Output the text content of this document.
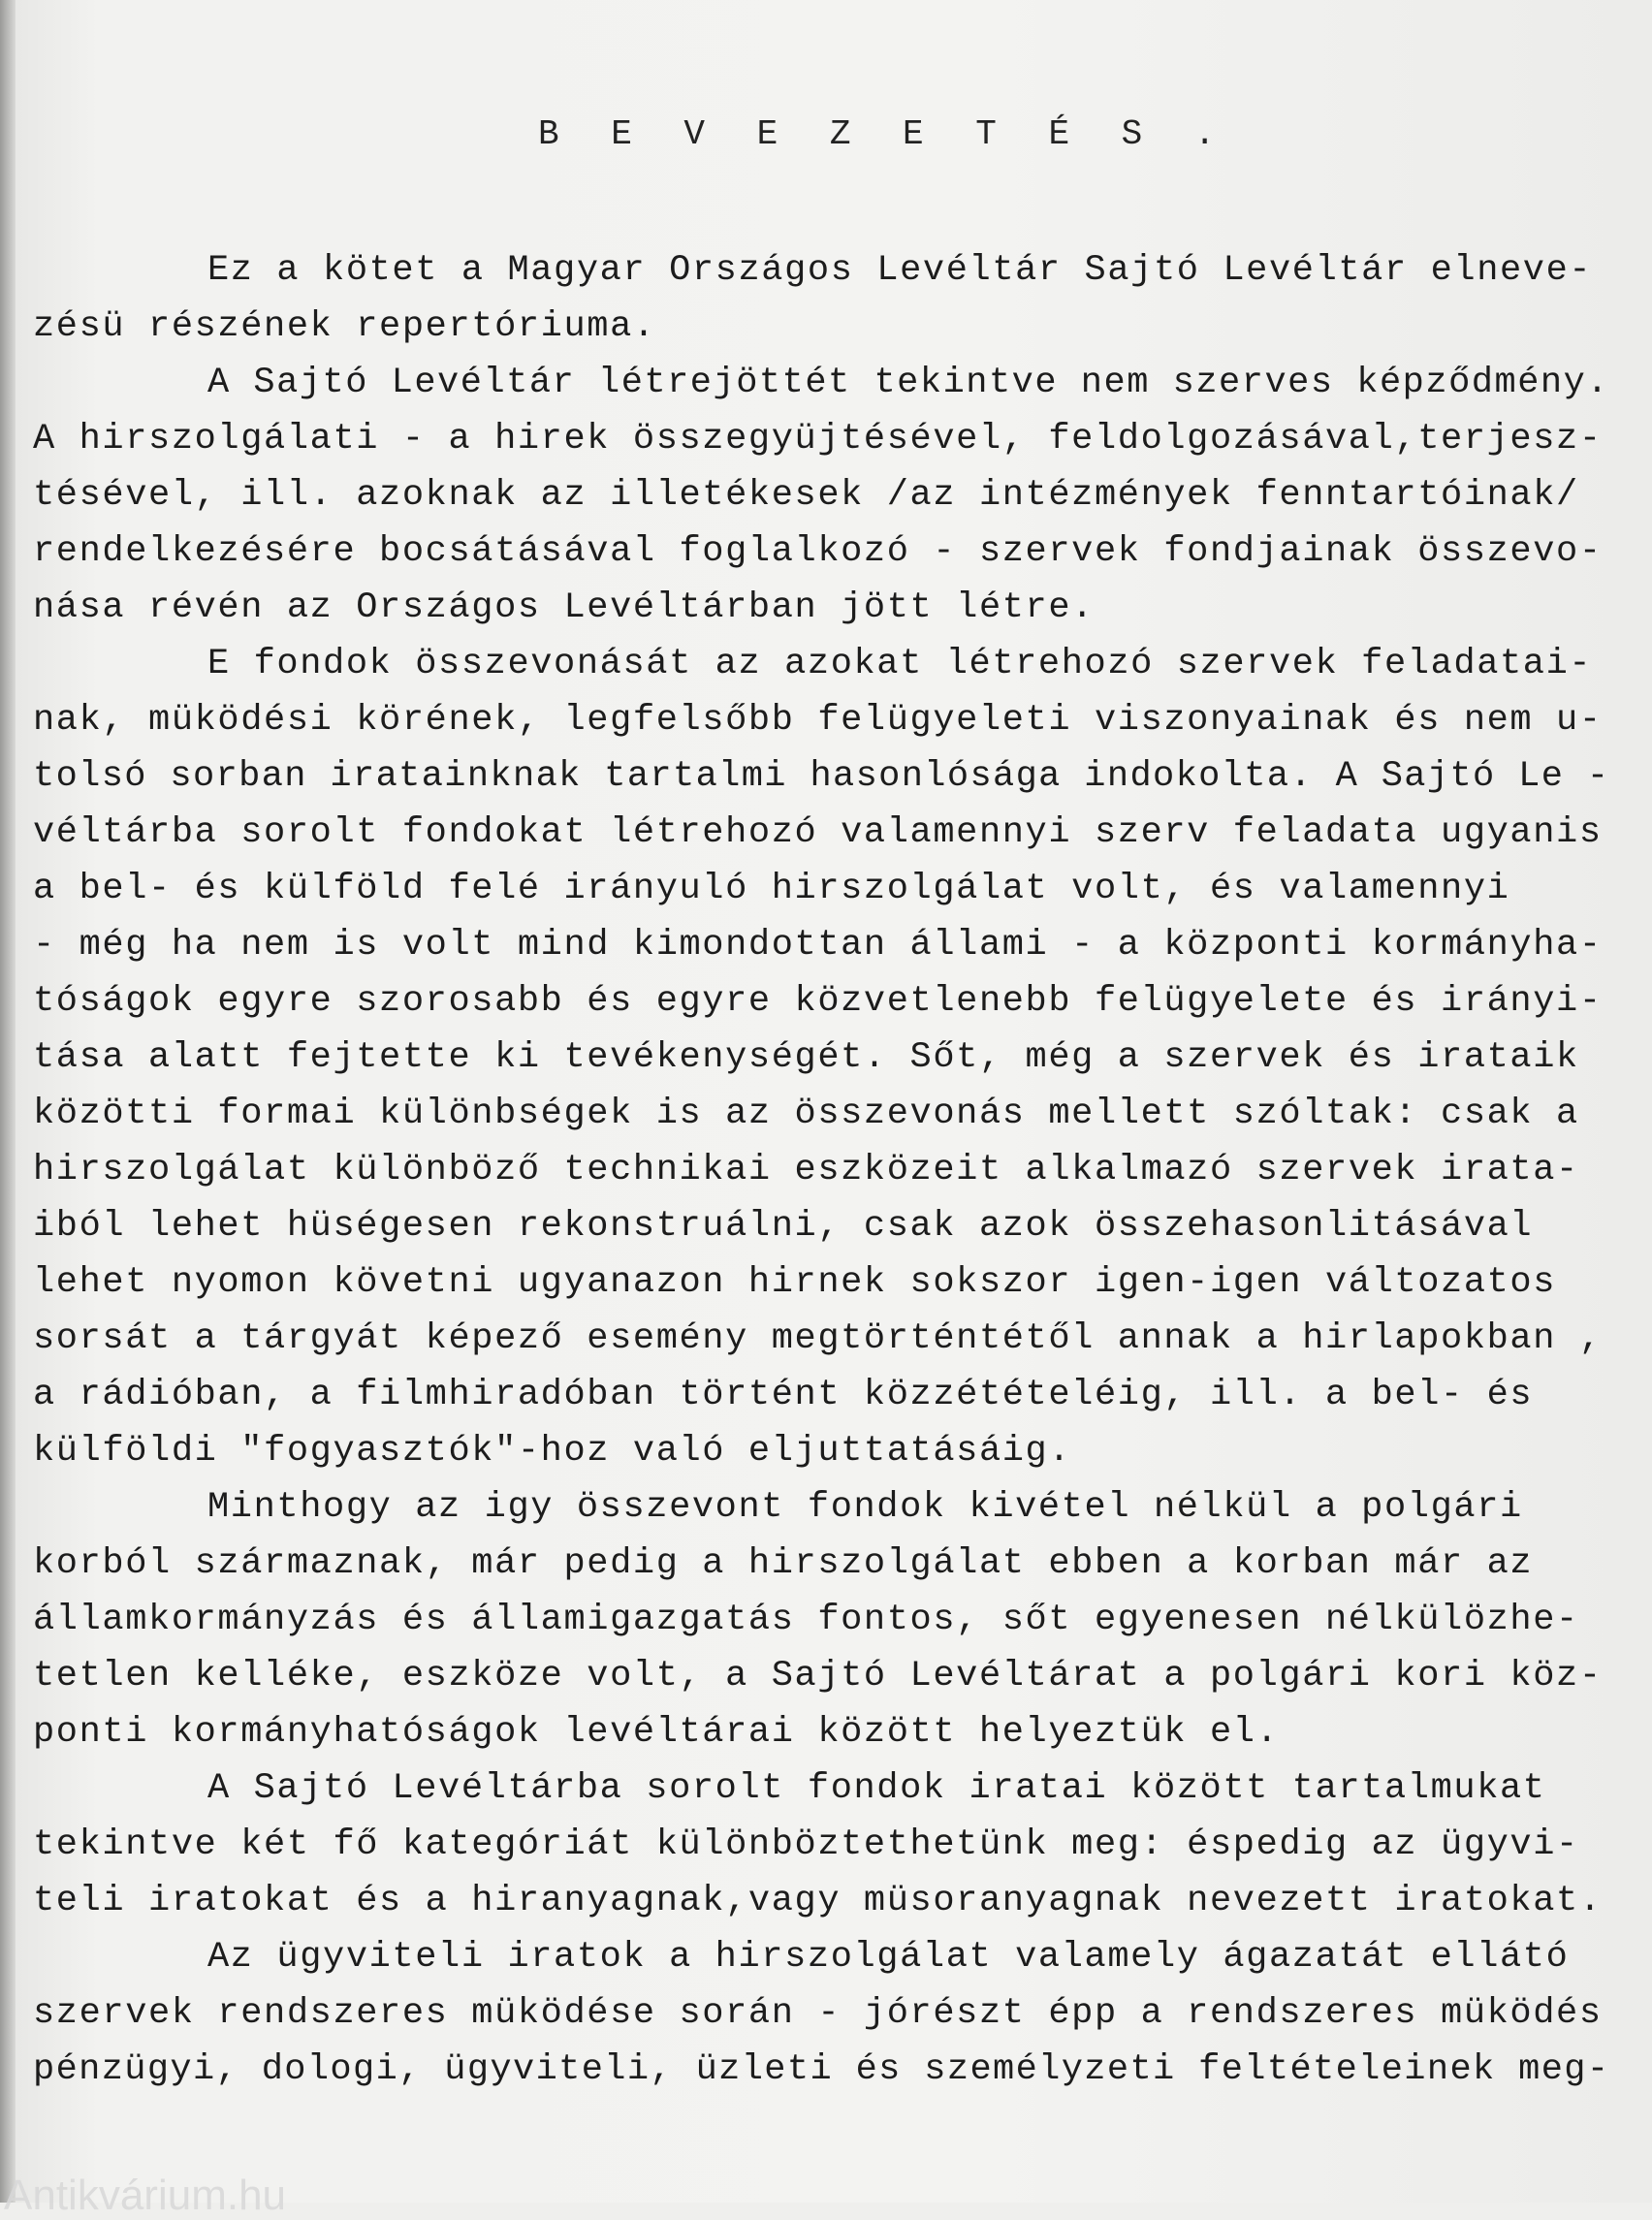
B E V E Z E T É S .
Ez a kötet a Magyar Országos Levéltár Sajtó Levéltár elneve-
zésü részének repertóriuma.
A Sajtó Levéltár létrejöttét tekintve nem szerves képződmény.
A hirszolgálati - a hirek összegyüjtésével, feldolgozásával,terjesz-
tésével, ill. azoknak az illetékesek /az intézmények fenntartóinak/
rendelkezésére bocsátásával foglalkozó - szervek fondjainak összevo-
nása révén az Országos Levéltárban jött létre.
E fondok összevonását az azokat létrehozó szervek feladatai-
nak, müködési körének, legfelsőbb felügyeleti viszonyainak és nem u-
tolsó sorban iratainknak tartalmi hasonlósága indokolta. A Sajtó Le -
véltárba sorolt fondokat létrehozó valamennyi szerv feladata ugyanis
a bel- és külföld felé irányuló hirszolgálat volt, és valamennyi
- még ha nem is volt mind kimondottan állami - a központi kormányha-
tóságok egyre szorosabb és egyre közvetlenebb felügyelete és irányi-
tása alatt fejtette ki tevékenységét. Sőt, még a szervek és irataik
közötti formai különbségek is az összevonás mellett szóltak: csak a
hirszolgálat különböző technikai eszközeit alkalmazó szervek irata-
iból lehet hüségesen rekonstruálni, csak azok összehasonlitásával
lehet nyomon követni ugyanazon hirnek sokszor igen-igen változatos
sorsát a tárgyát képező esemény megtörténtétől annak a hirlapokban ,
a rádióban, a filmhiradóban történt közzétételéig, ill. a bel- és
külföldi "fogyasztók"-hoz való eljuttatásáig.
Minthogy az igy összevont fondok kivétel nélkül a polgári
korból származnak, már pedig a hirszolgálat ebben a korban már az
államkormányzás és államigazgatás fontos, sőt egyenesen nélkülözhe-
tetlen kelléke, eszköze volt, a Sajtó Levéltárat a polgári kori köz-
ponti kormányhatóságok levéltárai között helyeztük el.
A Sajtó Levéltárba sorolt fondok iratai között tartalmukat
tekintve két fő kategóriát különböztethetünk meg: éspedig az ügyvi-
teli iratokat és a hiranyagnak,vagy müsoranyagnak nevezett iratokat.
Az ügyviteli iratok a hirszolgálat valamely ágazatát ellátó
szervek rendszeres müködése során - jórészt épp a rendszeres müködés
pénzügyi, dologi, ügyviteli, üzleti és személyzeti feltételeinek meg-
Antikvárium.hu
